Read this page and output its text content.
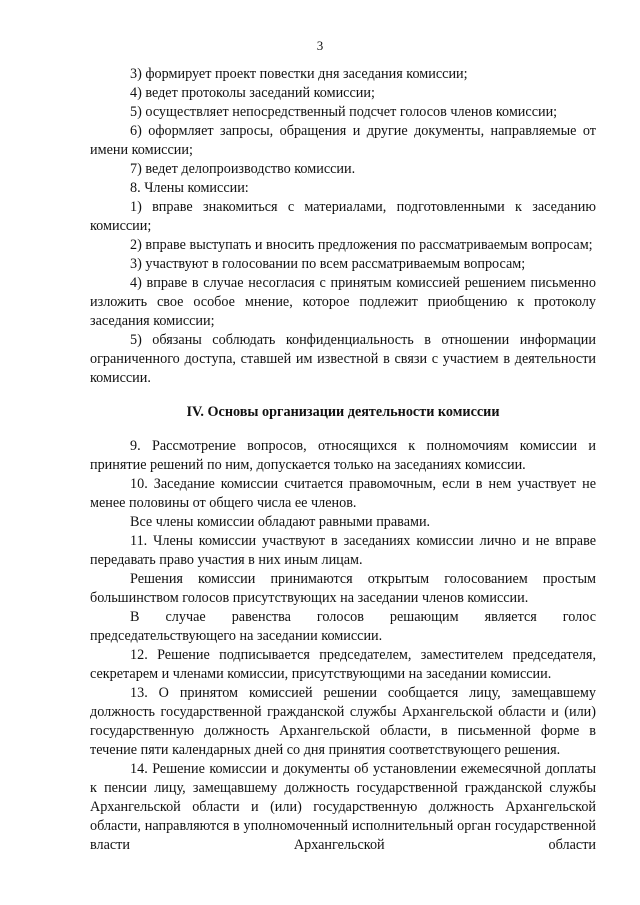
3

3) формирует проект повестки дня заседания комиссии;

4) ведет протоколы заседаний комиссии;

5) осуществляет непосредственный подсчет голосов членов комиссии;

6) оформляет запросы, обращения и другие документы, направляемые от имени комиссии;

7) ведет делопроизводство комиссии.

8. Члены комиссии:

1) вправе знакомиться с материалами, подготовленными к заседанию комиссии;

2) вправе выступать и вносить предложения по рассматриваемым вопросам;

3) участвуют в голосовании по всем рассматриваемым вопросам;

4) вправе в случае несогласия с принятым комиссией решением письменно изложить свое особое мнение, которое подлежит приобщению к протоколу заседания комиссии;

5) обязаны соблюдать конфиденциальность в отношении информации ограниченного доступа, ставшей им известной в связи с участием в деятельности комиссии.

IV. Основы организации деятельности комиссии

9. Рассмотрение вопросов, относящихся к полномочиям комиссии и принятие решений по ним, допускается только на заседаниях комиссии.

10. Заседание комиссии считается правомочным, если в нем участвует не менее половины от общего числа ее членов.

Все члены комиссии обладают равными правами.

11. Члены комиссии участвуют в заседаниях комиссии лично и не вправе передавать право участия в них иным лицам.

Решения комиссии принимаются открытым голосованием простым большинством голосов присутствующих на заседании членов комиссии.

В случае равенства голосов решающим является голос председательствующего на заседании комиссии.

12. Решение подписывается председателем, заместителем председателя, секретарем и членами комиссии, присутствующими на заседании комиссии.

13. О принятом комиссией решении сообщается лицу, замещавшему должность государственной гражданской службы Архангельской области и (или) государственную должность Архангельской области, в письменной форме в течение пяти календарных дней со дня принятия соответствующего решения.

14. Решение комиссии и документы об установлении ежемесячной доплаты к пенсии лицу, замещавшему должность государственной гражданской службы Архангельской области и (или) государственную должность Архангельской области, направляются в уполномоченный исполнительный орган государственной власти Архангельской области
